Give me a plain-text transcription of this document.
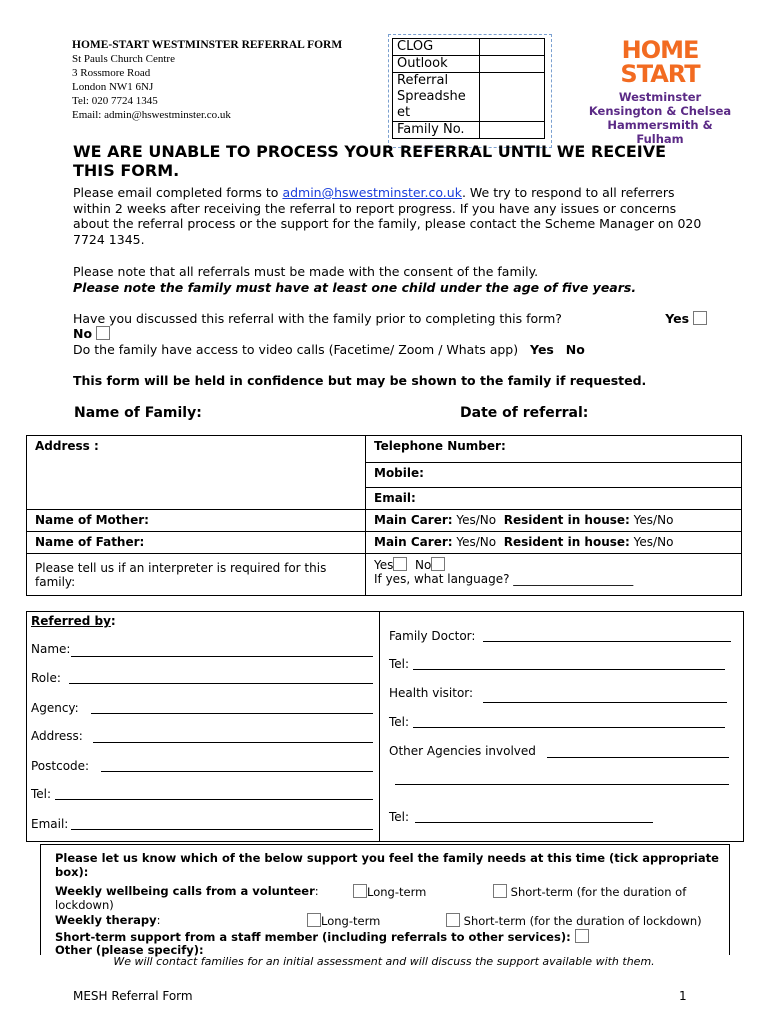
HOME-START WESTMINSTER REFERRAL FORM
St Pauls Church Centre
3 Rossmore Road
London NW1 6NJ
Tel: 020 7724 1345
Email: admin@hswestminster.co.uk
CLOG	
Outlook	
Referral Spreadshe et	
Family No.	
HOME
START
Westminster
Kensington & Chelsea
Hammersmith & Fulham
WE ARE UNABLE TO PROCESS YOUR REFERRAL UNTIL WE RECEIVE THIS FORM.
Please email completed forms to admin@hswestminster.co.uk. We try to respond to all referrers within 2 weeks after receiving the referral to report progress. If you have any issues or concerns about the referral process or the support for the family, please contact the Scheme Manager on 020 7724 1345.
Please note that all referrals must be made with the consent of the family.
Please note the family must have at least one child under the age of five years.
Have you discussed this referral with the family prior to completing this form?	Yes
No
Do the family have access to video calls (Facetime/ Zoom / Whats app) Yes No
This form will be held in confidence but may be shown to the family if requested.
Name of Family:	Date of referral:
Address :	Telephone Number:
	Mobile:
	Email:
Name of Mother:	Main Carer: Yes/No Resident in house: Yes/No
Name of Father:	Main Carer: Yes/No Resident in house: Yes/No
Please tell us if an interpreter is required for this family:	Yes No
If yes, what language? ____________________
Referred by:
Name:
Role:
Agency:
Address:
Postcode:
Tel:
Email:
Family Doctor:
Tel:
Health visitor:
Tel:
Other Agencies involved
Tel:
Please let us know which of the below support you feel the family needs at this time (tick appropriate box):
Weekly wellbeing calls from a volunteer:	Long-term	Short-term (for the duration of
lockdown)
Weekly therapy:	Long-term	Short-term (for the duration of lockdown)
Short-term support from a staff member (including referrals to other services):
Other (please specify):
We will contact families for an initial assessment and will discuss the support available with them.
MESH Referral Form	1
